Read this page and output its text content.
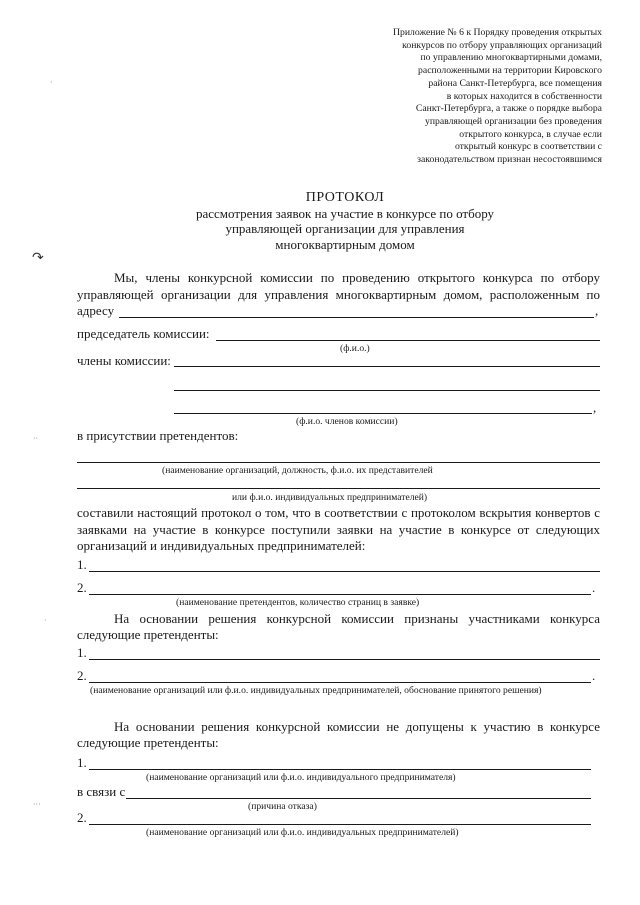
↷
·
··
·
···
Приложение № 6 к Порядку проведения открытых
конкурсов по отбору управляющих организаций
по управлению многоквартирными домами,
расположенными на территории Кировского
района Санкт-Петербурга, все помещения
в которых находится в собственности
Санкт-Петербурга, а также о порядке выбора
управляющей организации без проведения
открытого конкурса, в случае если
открытый конкурс в соответствии с
законодательством признан несостоявшимся
ПРОТОКОЛ
рассмотрения заявок на участие в конкурсе по отбору
управляющей организации для управления
многоквартирным домом
Мы, члены конкурсной комиссии по проведению открытого конкурса по отбору
управляющей организации для управления многоквартирным домом, расположенным по
адресу	,
председатель комиссии:
(ф.и.о.)
члены комиссии:
,
(ф.и.о. членов комиссии)
в присутствии претендентов:
(наименование организаций, должность, ф.и.о. их представителей
или ф.и.о. индивидуальных предпринимателей)
составили настоящий протокол о том, что в соответствии с протоколом вскрытия конвертов с
заявками на участие в конкурсе поступили заявки на участие в конкурсе от следующих
организаций и индивидуальных предпринимателей:
1.
2.	.
(наименование претендентов, количество страниц в заявке)
На основании решения конкурсной комиссии признаны участниками конкурса
следующие претенденты:
1.
2.	.
(наименование организаций или ф.и.о. индивидуальных предпринимателей, обоснование принятого решения)
На основании решения конкурсной комиссии не допущены к участию в конкурсе
следующие претенденты:
1.
(наименование организаций или ф.и.о. индивидуального предпринимателя)
в связи с
(причина отказа)
2.
(наименование организаций или ф.и.о. индивидуальных предпринимателей)
